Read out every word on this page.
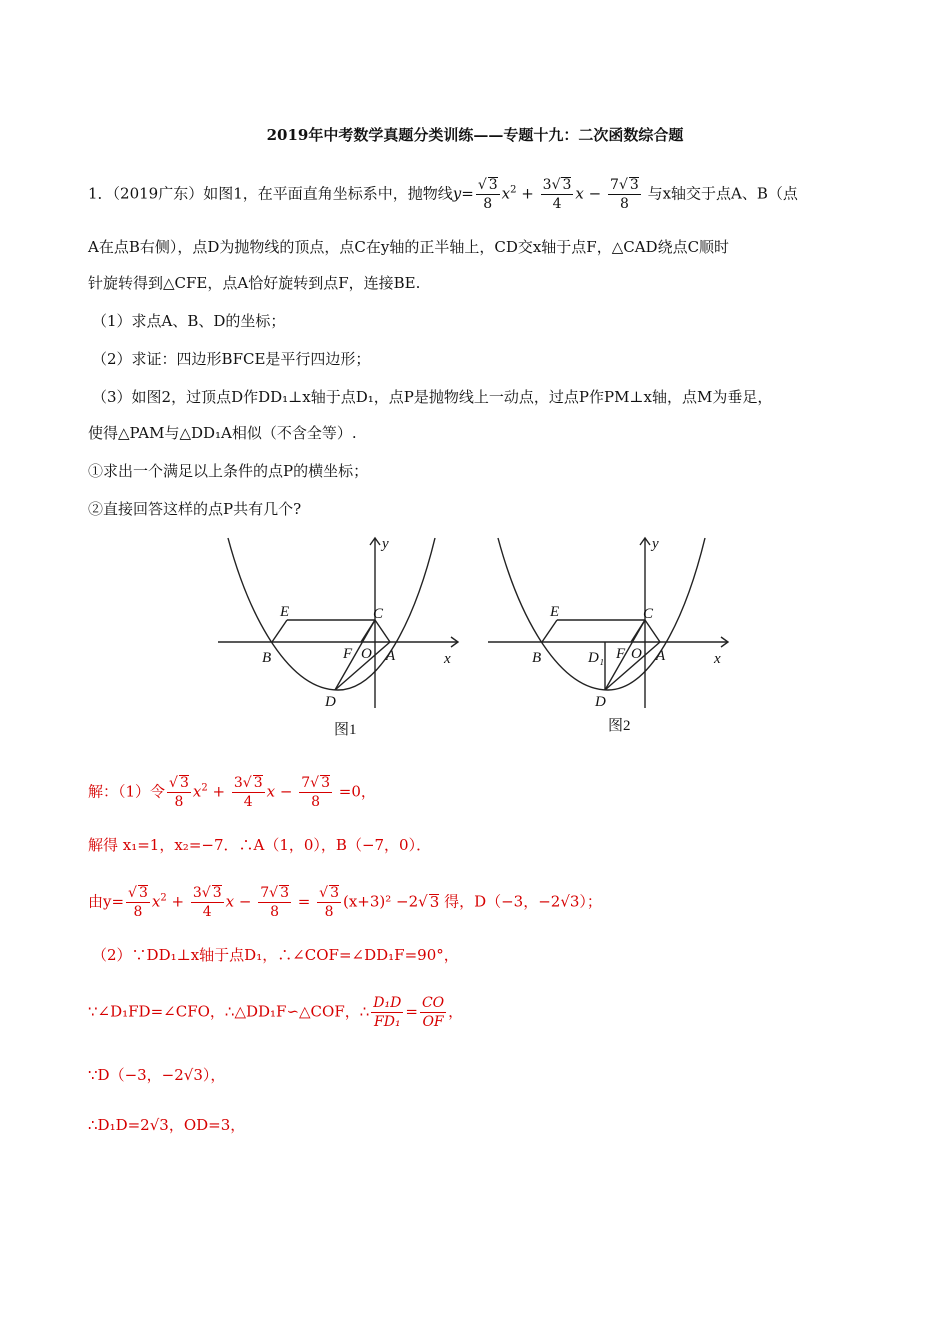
2019年中考数学真题分类训练——专题十九：二次函数综合题
1．（2019广东）如图1，在平面直角坐标系中，抛物线$y= \frac{√ 3}{8} x^2 + \frac{3√ 3}{4}$ $x - \frac{7√ 3}{8}$ 与x轴交于点A、B（点
A在点B右侧），点D为抛物线的顶点，点C在y轴的正半轴上，CD交x轴于点F，△CAD绕点C顺时
针旋转得到△CFE，点A恰好旋转到点F，连接BE.
（1）求点A、B、D的坐标；
（2）求证：四边形BFCE是平行四边形；
（3）如图2，过顶点D作DD₁⊥x轴于点D₁，点P是抛物线上一动点，过点P作PM⊥x轴，点M为垂足，
使得△PAM与△DD₁A相似（不含全等）.
①求出一个满足以上条件的点P的横坐标；
②直接回答这样的点P共有几个?
y
x
E	C
B	F O A
D
图1
y
x
E	C
B	D₁ F O A
D
图2
解：（1）令 $\frac{√ 3}{8} x^2 + \frac{3√ 3}{4}$ $x - \frac{7√ 3}{8} =0$，
解得 x₁=1，x₂=−7．∴A（1，0），B（−7，0）．
由$y= \frac{√ 3}{8} x^2 + \frac{3√ 3}{4}$ $x - \frac{7√ 3}{8} = \frac{√ 3}{8} (x+3)^2 -2√$ 3 得，D（−3，−2√3）；
（2）∵DD₁⊥x轴于点D₁，∴∠COF=∠DD₁F=90°，
∵∠D₁FD=∠CFO，∴△DD₁F∽△COF，∴ $\frac{\text{D₁D}}{\text{FD₁}} = \frac{CO}{OF}$ ，
∵D（−3，−2√3），
∴D₁D=2√3，OD=3，
